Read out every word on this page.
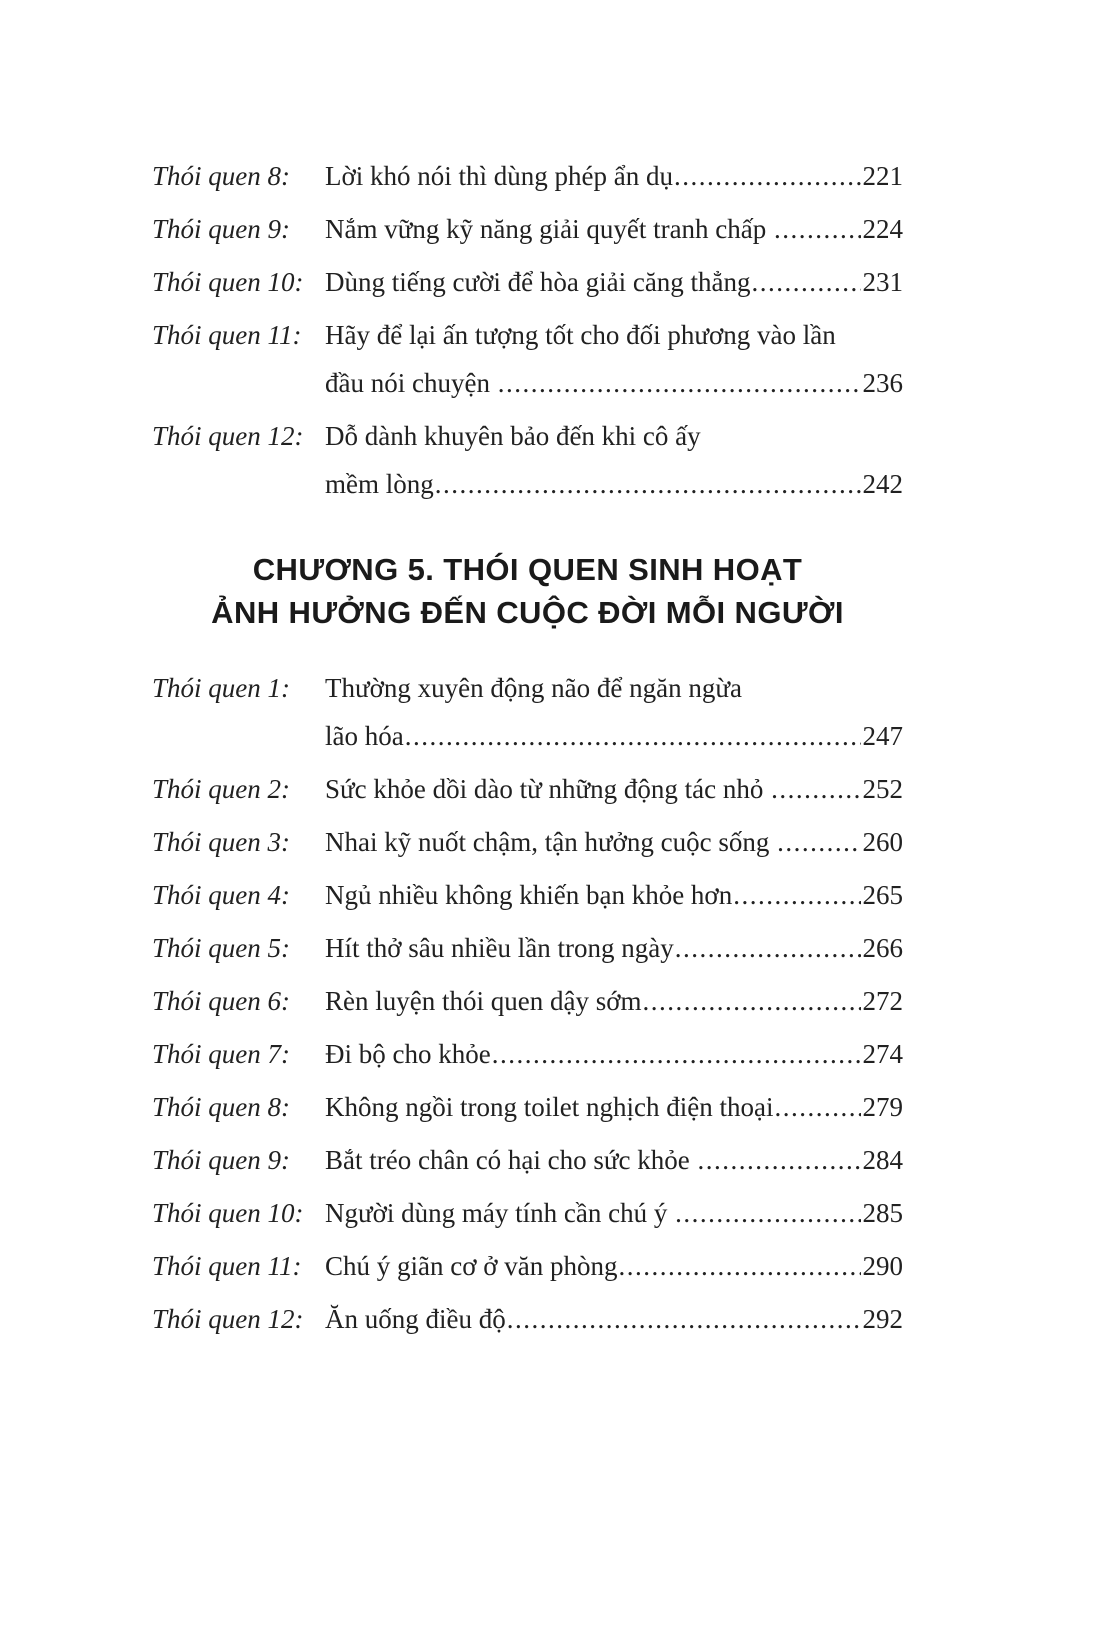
Thói quen 8:	Lời khó nói thì dùng phép ẩn dụ .....	221
Thói quen 9:	Nắm vững kỹ năng giải quyết tranh chấp .....	224
Thói quen 10: Dùng tiếng cười để hòa giải căng thẳng .....	231
Thói quen 11: Hãy để lại ấn tượng tốt cho đối phương vào lần
đầu nói chuyện .....	236
Thói quen 12: Dỗ dành khuyên bảo đến khi cô ấy
mềm lòng .....	242
CHƯƠNG 5. THÓI QUEN SINH HOẠT
ẢNH HƯỞNG ĐẾN CUỘC ĐỜI MỖI NGƯỜI
Thói quen 1:	Thường xuyên động não để ngăn ngừa
lão hóa .....	247
Thói quen 2:	Sức khỏe dồi dào từ những động tác nhỏ .....	252
Thói quen 3:	Nhai kỹ nuốt chậm, tận hưởng cuộc sống .....	260
Thói quen 4:	Ngủ nhiều không khiến bạn khỏe hơn .....	265
Thói quen 5:	Hít thở sâu nhiều lần trong ngày .....	266
Thói quen 6:	Rèn luyện thói quen dậy sớm .....	272
Thói quen 7:	Đi bộ cho khỏe .....	274
Thói quen 8:	Không ngồi trong toilet nghịch điện thoại .....	279
Thói quen 9:	Bắt tréo chân có hại cho sức khỏe .....	284
Thói quen 10: Người dùng máy tính cần chú ý .....	285
Thói quen 11: Chú ý giãn cơ ở văn phòng .....	290
Thói quen 12: Ăn uống điều độ .....	292
